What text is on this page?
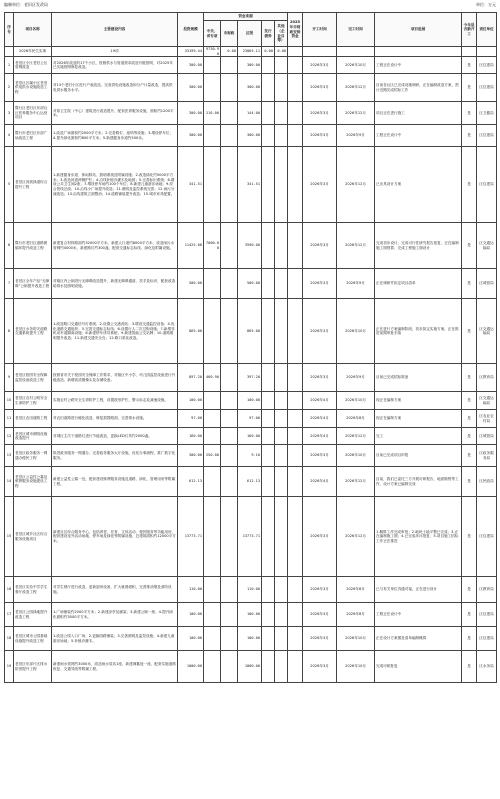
编制单位：老旧区发改局	单位：万元
序号	项目名称	主要建设内容	投资规模	资金来源					2025年市财政安排资金	开工时间	完工时间	项目进展	今年是否新开工	责任单位
				中央、省专项	市财政	区级	发行债券	其他（企业自筹）						
	2026年民生实事	19项	33199.44	9730.90	0.00	23065.11	0.00	0.00						
1	老旧区小区老旧公区管网改造	对2026年改造的17个小区，按照供水与管道需求改造升级管网，对2025年已实施管网修复改造。	300.00			300.00				2026年3月	2026年10月	工程正在设计中	是	区住建局
2	老旧区区属小区老旧供电供水设施改造工程	对13个老旧小区进行户表改造，完成供电设施改造和分户计量改造，提高供电供水服务水平。	300.00			300.00				2026年3月	2026年12月	目前各社区已完成设施调研，正在编制改造方案，预计近期完成招标工作	是	区住建局
3	暨行区老旧区东部社区医养服务中心运营项目	对原卫生院（中心）建筑进行改造提升，配套医养服务设施，面积约1200平米。	300.00	216.00		144.00				2026年3月	2026年12月	项目正在进行施工	是	区卫健局
4	暨行市老旧区东部广场改造工程	1.改造广场面积约2000平方米；2.完善路灯、座椅等设施；3.增设停车位；4.提升绿化面积约800平方米；5.新建健身步道约500米。	300.00			300.00				2026年3月	2026年9月	工程正在设计中	是	区住建局
5	老旧区河滨绿道综合提升工程	1.新建健身步道、休闲驿站、照明系统及附属设施；2.改造绿化约5000平方米；3.改造河道两侧护栏；4.沿线补植乔灌木及地被；5.完善标识系统；6.增设公共卫生间2座；7.增设停车场约100个车位；8.新建儿童游乐场地；9.综合管线迁改；10.沿线小广场提升改造；11.照明及监控系统完善；12.雨污分流改造；13.沿线建筑立面整治；14.道路铺装提升改造；15.城市家具配置。	341.51			341.51				2026年3月	2026年12月	已出具设计方案	是	区住建局
6	暨行市老旧区道路微循环提升改造工程	新建复合材料路面约32000平方米，新建人行道约8000平方米，改造雨污水管网约4000米，新建路灯约300盏，配套交通标志标线、绿化及附属设施。	11425.08	7000.00		3590.00				2026年3月	2026年12月	完成初步设计，完成可行性研究报告批复，正在编制施工图预算，完成工程施工图设计	是	区交通运输局
7	老旧区全年产品“无障碍”公厕提升改造工程	对辖区内公厕进行无障碍改造提升，新建无障碍通道、扶手及标识，配套改造给排水及照明设施。	500.00			500.00				2026年3月	2026年9月	正在调研并拟定项目清单	是	区城管局
8	老旧区水务防灾道路交通系统提升工程	1.改造路口交通信号灯系统；2.设置公交港湾站；3.增设交通监控设备；4.优化道路交通组织；5.完善交通标志标线；6.设置行人二次过街设施；7.新增非机动车道隔离设施；8.新建停车诱导系统；9.新建智能公交站牌；10.道路照明提升改造；11.新建交通安全岛；12.路口渠化改造。	865.00			865.00				2026年3月	2026年10月	正在进行方案编制阶段，初步拟定实施方案，正在推进前期审批手续	是	区交通运输局
9	老旧区校园安全保障监控设备改造工程	按照省市关于校园安全保障工作要求，对辖区中小学、幼儿园监控设备进行升级改造，新增高清摄像头及存储设备。	897.20	460.90		397.20				2026年3月	2026年9月	目前已完成招标准备	是	区教育局
10	老旧区农村公路安全生命防护工程	实施农村公路安全生命防护工程，设置波形护栏、警示标志及减速设施。	100.00			100.00				2026年4月	2026年10月	现正在编制方案	是	区交通运输局
11	老旧区农田道路工程	对农田道路进行硬化改造，修复损毁路面，完善排水设施。	97.00			97.00				2026年4月	2026年8月	现正在编制方案	是	区农业农村局
12	老旧区城市照明设施改造提升	对城区主次干道路灯进行节能改造，更换LED灯具约2000盏。	160.00			160.00				2026年4月	2026年12月	完工	是	区城管局
13	老旧区政务服务一网通办便民工程	推进政务服务一网通办，完善政务服务大厅设施，优化办事流程，推广数字化服务。	300.00	250.00		9.10				2026年3月	2026年10月	目前已完成项目申报	是	区政务服务局
14	老旧区公益性公墓及殡葬服务设施建设工程	新建公益性公墓一处，配套建设殡葬服务设施及道路、绿化、管理用房等附属工程。	612.13			612.13				2026年4月	2026年12月	目前，我们已委托三方开展可研报告、地质勘察等工作，设计方案已编制完成	是	区民政局
15	老旧区城乡社区综合服务设施项目	新建社区综合服务中心，包括养老、托育、文体活动、便民服务等功能用房，配套建设室外活动场地、停车场及绿化等附属设施，总建筑面积约12000平方米。	13773.71			13773.71				2026年3月	2026年12月	1.概算工作完成审批；2.地块土地平整已完成；3.正在编制施工图；4.已完成环评批复；5.项目施工招标工作正在推进	是	区住建局
16	老旧区实验中学学生餐厅改造工程	对学生餐厅进行改造，更新厨房设备，扩大就餐面积，完善排油烟及消防设施。	110.00			110.00				2026年3月	2026年8月	已与有关单位沟通对接，正在进行设计	是	区教育局
17	老旧区公园绿地提升改造工程	1.广场铺装约2000平方米；2.新建凉亭及廊架；3.新建公厕一座；4.提升绿化面积约3000平方米。	100.00			100.00				2026年3月	2026年8月	工程正在设计中	是	区住建局
18	老旧区城市公园基础设施提升改造工程	1.改造公园入口广场；2.更换园路铺装；3.完善照明及监控设施；4.新建儿童游乐场地；5.补植乔灌木。	100.00			100.00				2026年3月	2026年10月	正在设计方案图及清单编制概算	是	区住建局
19	老旧区东部片区排水防涝提升工程	新建雨水管网约3000米，改造雨水泵站1座，新建调蓄池一座，配套实施道路恢复、交通导改等附属工程。	1000.00			1000.00				2026年3月	2026年10月	完成可研批复	是	区水务局
